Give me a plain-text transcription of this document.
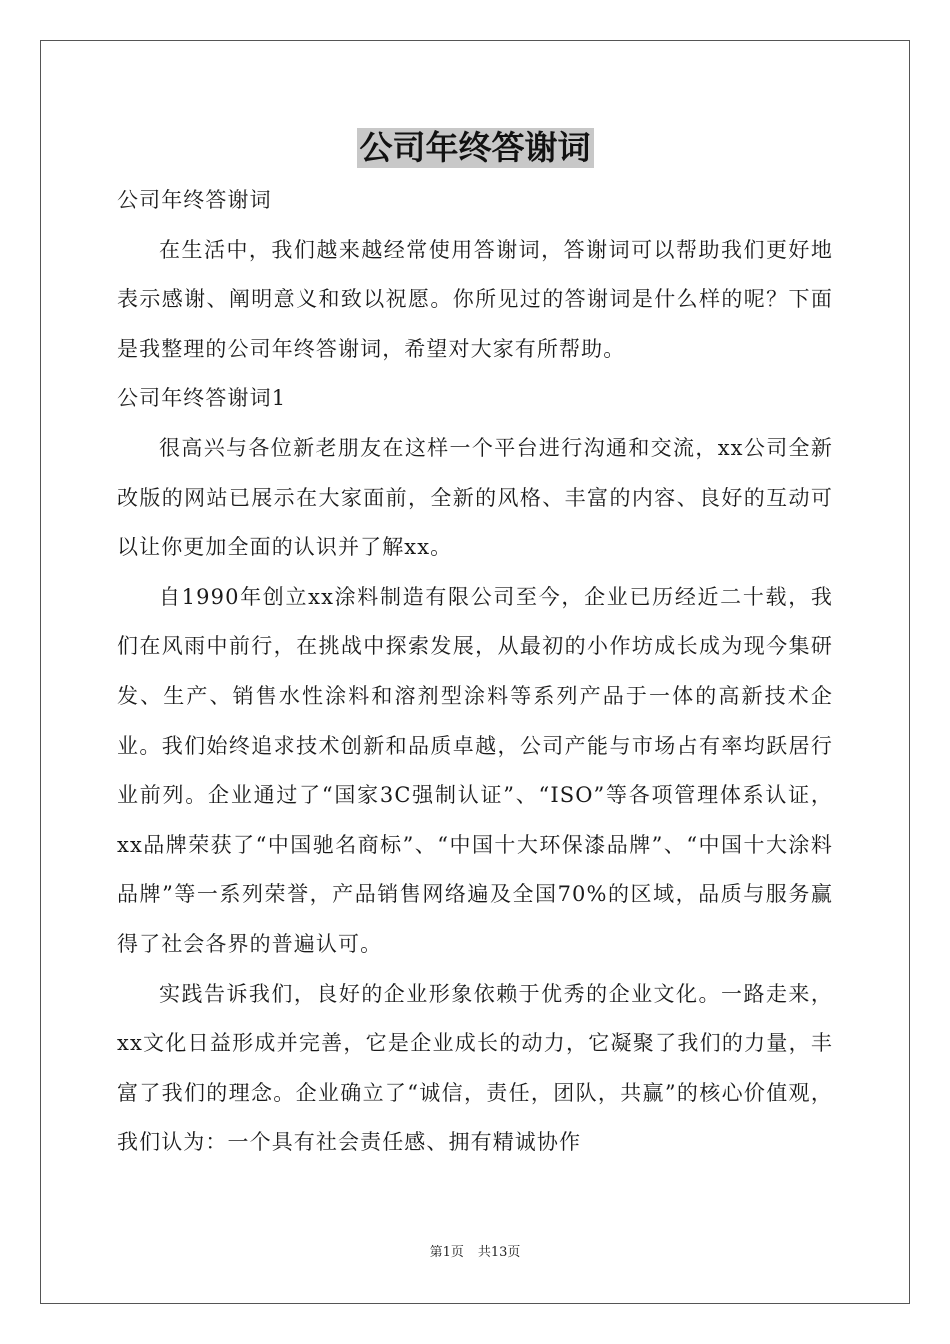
公司年终答谢词

公司年终答谢词

在生活中，我们越来越经常使用答谢词，答谢词可以帮助我们更好地表示感谢、阐明意义和致以祝愿。你所见过的答谢词是什么样的呢？下面是我整理的公司年终答谢词，希望对大家有所帮助。

公司年终答谢词1

很高兴与各位新老朋友在这样一个平台进行沟通和交流，xx公司全新改版的网站已展示在大家面前，全新的风格、丰富的内容、良好的互动可以让你更加全面的认识并了解xx。

自1990年创立xx涂料制造有限公司至今，企业已历经近二十载，我们在风雨中前行，在挑战中探索发展，从最初的小作坊成长成为现今集研发、生产、销售水性涂料和溶剂型涂料等系列产品于一体的高新技术企业。我们始终追求技术创新和品质卓越，公司产能与市场占有率均跃居行业前列。企业通过了“国家3C强制认证”、“ISO”等各项管理体系认证，xx品牌荣获了“中国驰名商标”、“中国十大环保漆品牌”、“中国十大涂料品牌”等一系列荣誉，产品销售网络遍及全国70%的区域，品质与服务赢得了社会各界的普遍认可。

实践告诉我们，良好的企业形象依赖于优秀的企业文化。一路走来，xx文化日益形成并完善，它是企业成长的动力，它凝聚了我们的力量，丰富了我们的理念。企业确立了“诚信，责任，团队，共赢”的核心价值观，我们认为：一个具有社会责任感、拥有精诚协作

第1页 共13页
